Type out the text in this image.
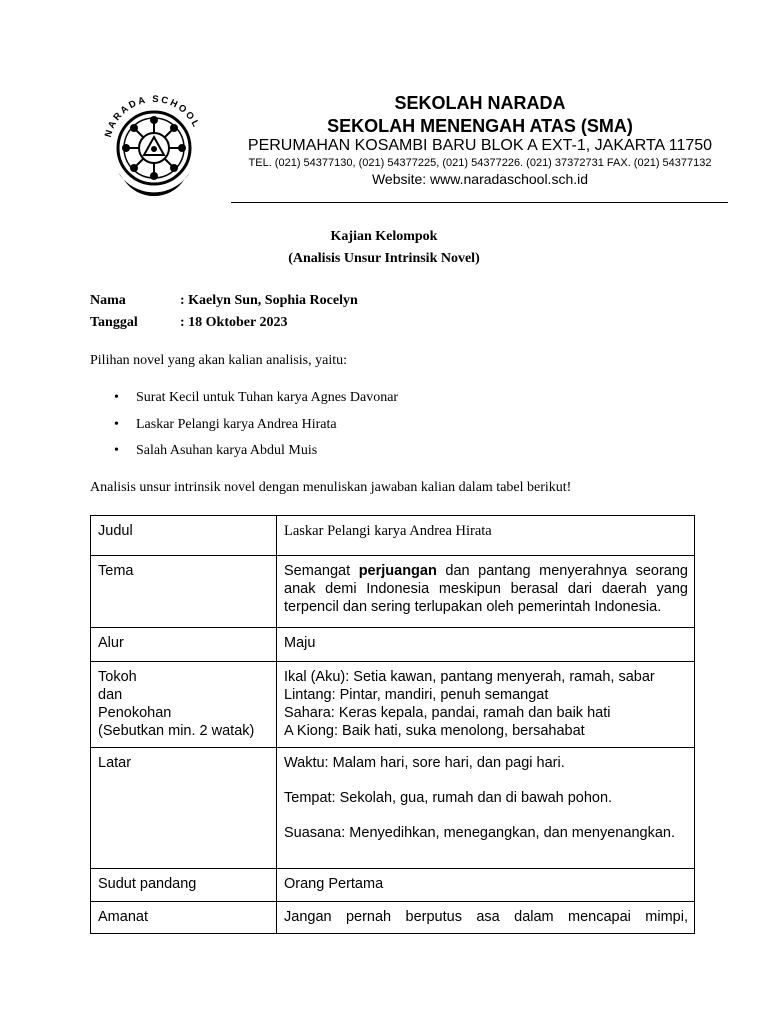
NARADA SCHOOL
BAHUSACCA-SIPPA-SILA
SEKOLAH NARADA
SEKOLAH MENENGAH ATAS (SMA)
PERUMAHAN KOSAMBI BARU BLOK A EXT-1, JAKARTA 11750
TEL. (021) 54377130, (021) 54377225, (021) 54377226. (021) 37372731 FAX. (021) 54377132
Website: www.naradaschool.sch.id
Kajian Kelompok
(Analisis Unsur Intrinsik Novel)
Nama	: Kaelyn Sun, Sophia Rocelyn
Tanggal	: 18 Oktober 2023
Pilihan novel yang akan kalian analisis, yaitu:
• Surat Kecil untuk Tuhan karya Agnes Davonar
• Laskar Pelangi karya Andrea Hirata
• Salah Asuhan karya Abdul Muis
Analisis unsur intrinsik novel dengan menuliskan jawaban kalian dalam tabel berikut!
Judul	Laskar Pelangi karya Andrea Hirata
Tema	Semangat perjuangan dan pantang menyerahnya seorang anak demi Indonesia meskipun berasal dari daerah yang terpencil dan sering terlupakan oleh pemerintah Indonesia.
Alur	Maju

Tokoh
dan
Penokohan
(Sebutkan min. 2 watak)	Ikal (Aku): Setia kawan, pantang menyerah, ramah, sabar
Lintang: Pintar, mandiri, penuh semangat
Sahara: Keras kepala, pandai, ramah dan baik hati
A Kiong: Baik hati, suka menolong, bersahabat

Latar	Waktu: Malam hari, sore hari, dan pagi hari.
Tempat: Sekolah, gua, rumah dan di bawah pohon.
Suasana: Menyedihkan, menegangkan, dan menyenangkan.

Sudut pandang	Orang Pertama
Amanat	Jangan pernah berputus asa dalam mencapai mimpi,
